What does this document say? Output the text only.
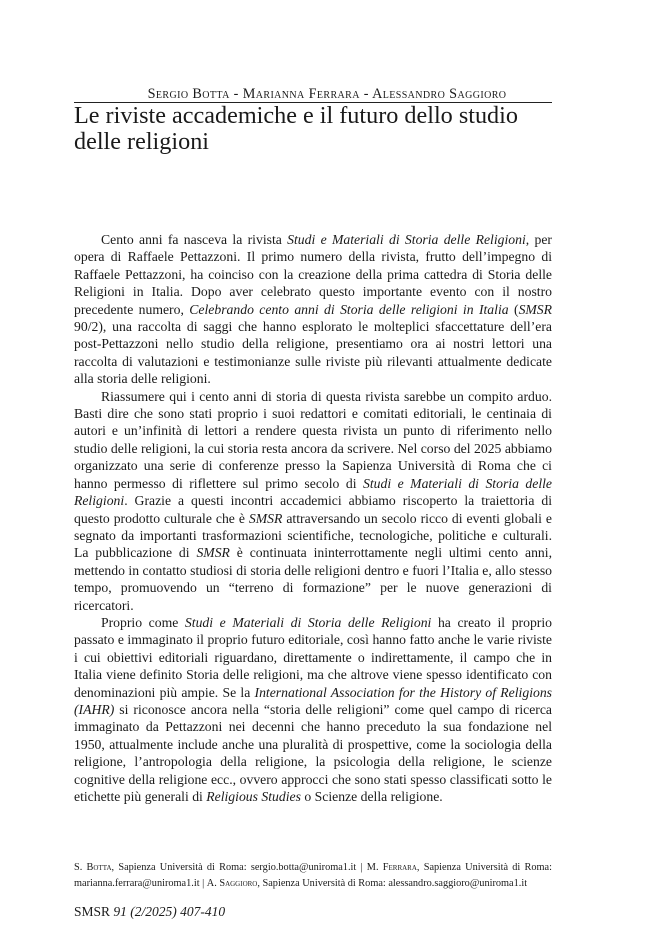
Sergio Botta - Marianna Ferrara - Alessandro Saggioro
Le riviste accademiche e il futuro dello studio
delle religioni

Cento anni fa nasceva la rivista Studi e Materiali di Storia delle Religioni, per opera di Raffaele Pettazzoni. Il primo numero della rivista, frutto dell’impegno di Raffaele Pettazzoni, ha coinciso con la creazione della prima cattedra di Storia delle Religioni in Italia. Dopo aver celebrato questo importante evento con il nostro precedente numero, Celebrando cento anni di Storia delle religioni in Italia (SMSR 90/2), una raccolta di saggi che hanno esplorato le molteplici sfaccettature dell’era post-Pettazzoni nello studio della religione, presentiamo ora ai nostri lettori una raccolta di valutazioni e testimonianze sulle riviste più rilevanti attualmente dedicate alla storia delle religioni.

Riassumere qui i cento anni di storia di questa rivista sarebbe un compito arduo. Basti dire che sono stati proprio i suoi redattori e comitati editoriali, le centinaia di autori e un’infinità di lettori a rendere questa rivista un punto di riferimento nello studio delle religioni, la cui storia resta ancora da scrivere. Nel corso del 2025 abbiamo organizzato una serie di conferenze presso la Sapienza Università di Roma che ci hanno permesso di riflettere sul primo secolo di Studi e Materiali di Storia delle Religioni. Grazie a questi incontri accademici abbiamo riscoperto la traiettoria di questo prodotto culturale che è SMSR attraversando un secolo ricco di eventi globali e segnato da importanti trasformazioni scientifiche, tecnologiche, politiche e culturali. La pubblicazione di SMSR è continuata ininterrottamente negli ultimi cento anni, mettendo in contatto studiosi di storia delle religioni dentro e fuori l’Italia e, allo stesso tempo, promuovendo un “terreno di formazione” per le nuove generazioni di ricercatori.

Proprio come Studi e Materiali di Storia delle Religioni ha creato il proprio passato e immaginato il proprio futuro editoriale, così hanno fatto anche le varie riviste i cui obiettivi editoriali riguardano, direttamente o indirettamente, il campo che in Italia viene definito Storia delle religioni, ma che altrove viene spesso identificato con denominazioni più ampie. Se la International Association for the History of Religions (IAHR) si riconosce ancora nella “storia delle religioni” come quel campo di ricerca immaginato da Pettazzoni nei decenni che hanno preceduto la sua fondazione nel 1950, attualmente include anche una pluralità di prospettive, come la sociologia della religione, l’antropologia della religione, la psicologia della religione, le scienze cognitive della religione ecc., ovvero approcci che sono stati spesso classificati sotto le etichette più generali di Religious Studies o Scienze della religione.

S. Botta, Sapienza Università di Roma: sergio.botta@uniroma1.it | M. Ferrara, Sapienza Università di Roma: marianna.ferrara@uniroma1.it | A. Saggioro, Sapienza Università di Roma: alessandro.saggioro@uniroma1.it
SMSR 91 (2/2025) 407-410
